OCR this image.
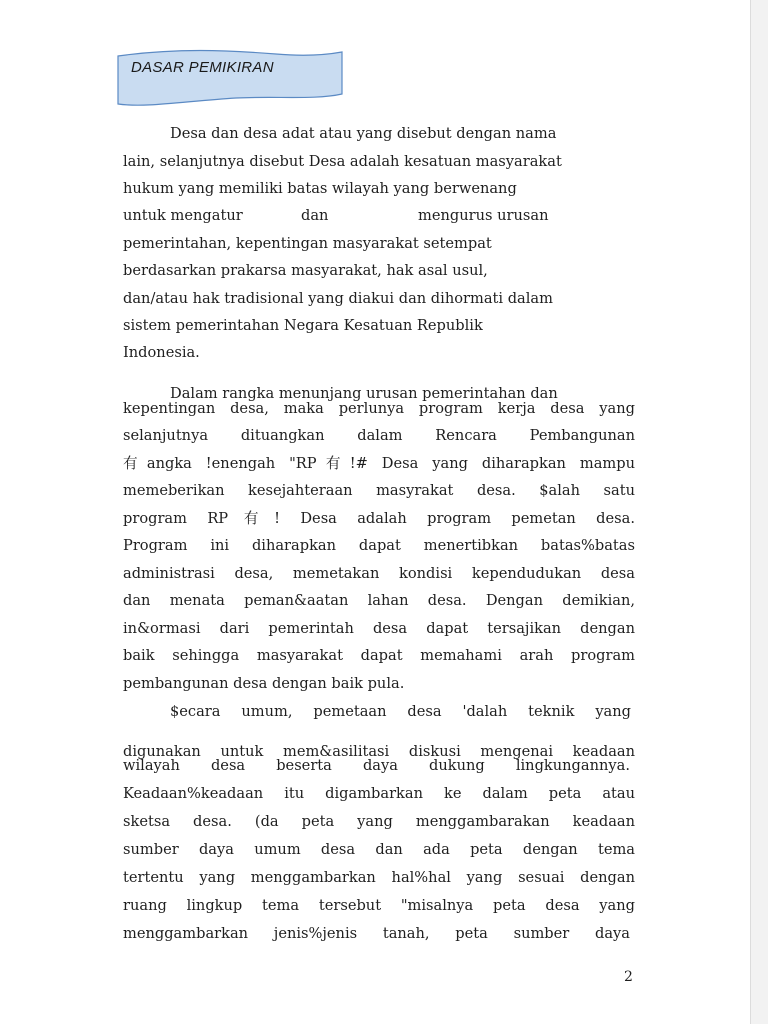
DASAR PEMIKIRAN
Desa dan desa adat atau yang disebut dengan nama
lain, selanjutnya disebut Desa adalah kesatuan masyarakat
hukum yang memiliki batas wilayah yang berwenang
untuk mengatur	dan	mengurus urusan
pemerintahan, kepentingan masyarakat setempat
berdasarkan prakarsa masyarakat, hak asal usul,
dan/atau hak tradisional yang diakui dan dihormati dalam
sistem pemerintahan Negara Kesatuan Republik
Indonesia.
Dalam rangka menunjang urusan pemerintahan dan
kepentingan desa, maka perlunya program kerja desa yang
selanjutnya dituangkan dalam Rencara Pembangunan
有angka !enengah "RP有!# Desa yang diharapkan mampu
memeberikan kesejahteraan masyrakat desa. $alah satu
program RP有! Desa adalah program pemetan desa.
Program ini diharapkan dapat menertibkan batas%batas
administrasi desa, memetakan kondisi kependudukan desa
dan menata peman&aatan lahan desa. Dengan demikian,
in&ormasi dari pemerintah desa dapat tersajikan dengan
baik sehingga masyarakat dapat memahami arah program
pembangunan desa dengan baik pula.
$ecara umum, pemetaan desa 'dalah teknik yang
digunakan untuk mem&asilitasi diskusi mengenai keadaan
wilayah desa beserta daya dukung lingkungannya.
Keadaan%keadaan itu digambarkan ke dalam peta atau
sketsa desa. (da peta yang menggambarakan keadaan
sumber daya umum desa dan ada peta dengan tema
tertentu yang menggambarkan hal%hal yang sesuai dengan
ruang lingkup tema tersebut "misalnya peta desa yang
menggambarkan jenis%jenis tanah, peta sumber daya
2
